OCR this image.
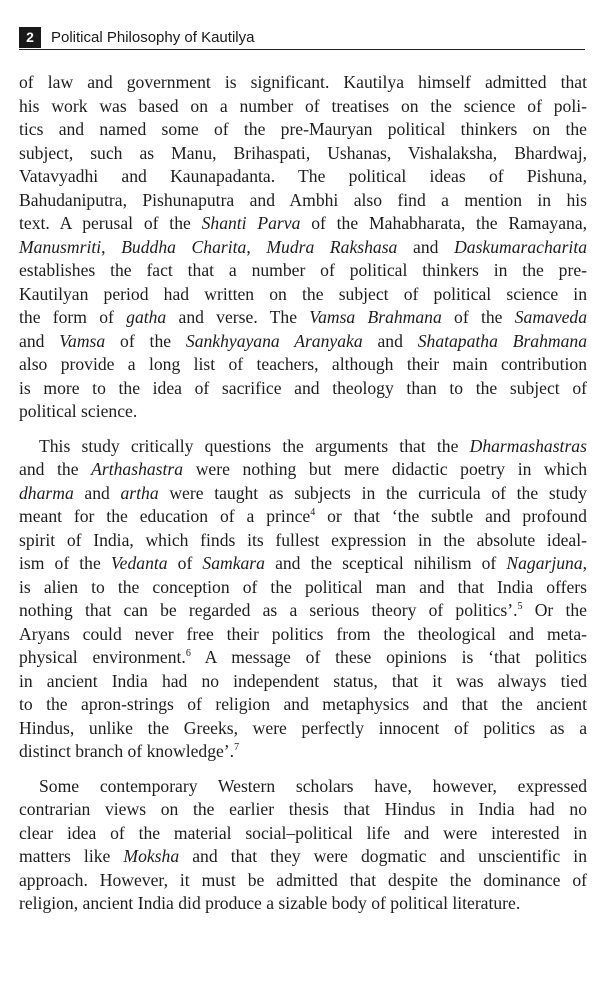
2	Political Philosophy of Kautilya

of law and government is significant. Kautilya himself admitted that
his work was based on a number of treatises on the science of poli-
tics and named some of the pre-Mauryan political thinkers on the
subject, such as Manu, Brihaspati, Ushanas, Vishalaksha, Bhardwaj,
Vatavyadhi and Kaunapadanta. The political ideas of Pishuna,
Bahudaniputra, Pishunaputra and Ambhi also find a mention in his
text. A perusal of the Shanti Parva of the Mahabharata, the Ramayana,
Manusmriti, Buddha Charita, Mudra Rakshasa and Daskumaracharita
establishes the fact that a number of political thinkers in the pre-
Kautilyan period had written on the subject of political science in
the form of gatha and verse. The Vamsa Brahmana of the Samaveda
and Vamsa of the Sankhyayana Aranyaka and Shatapatha Brahmana
also provide a long list of teachers, although their main contribution
is more to the idea of sacrifice and theology than to the subject of
political science.

This study critically questions the arguments that the Dharmashastras
and the Arthashastra were nothing but mere didactic poetry in which
dharma and artha were taught as subjects in the curricula of the study
meant for the education of a prince$^4$ or that ‘the subtle and profound
spirit of India, which finds its fullest expression in the absolute ideal-
ism of the Vedanta of Samkara and the sceptical nihilism of Nagarjuna,
is alien to the conception of the political man and that India offers
nothing that can be regarded as a serious theory of politics’.$^5$ Or the
Aryans could never free their politics from the theological and meta-
physical environment.$^6$ A message of these opinions is ‘that politics
in ancient India had no independent status, that it was always tied
to the apron-strings of religion and metaphysics and that the ancient
Hindus, unlike the Greeks, were perfectly innocent of politics as a
distinct branch of knowledge’.$^7$

Some contemporary Western scholars have, however, expressed
contrarian views on the earlier thesis that Hindus in India had no
clear idea of the material social–political life and were interested in
matters like Moksha and that they were dogmatic and unscientific in
approach. However, it must be admitted that despite the dominance of
religion, ancient India did produce a sizable body of political literature.
